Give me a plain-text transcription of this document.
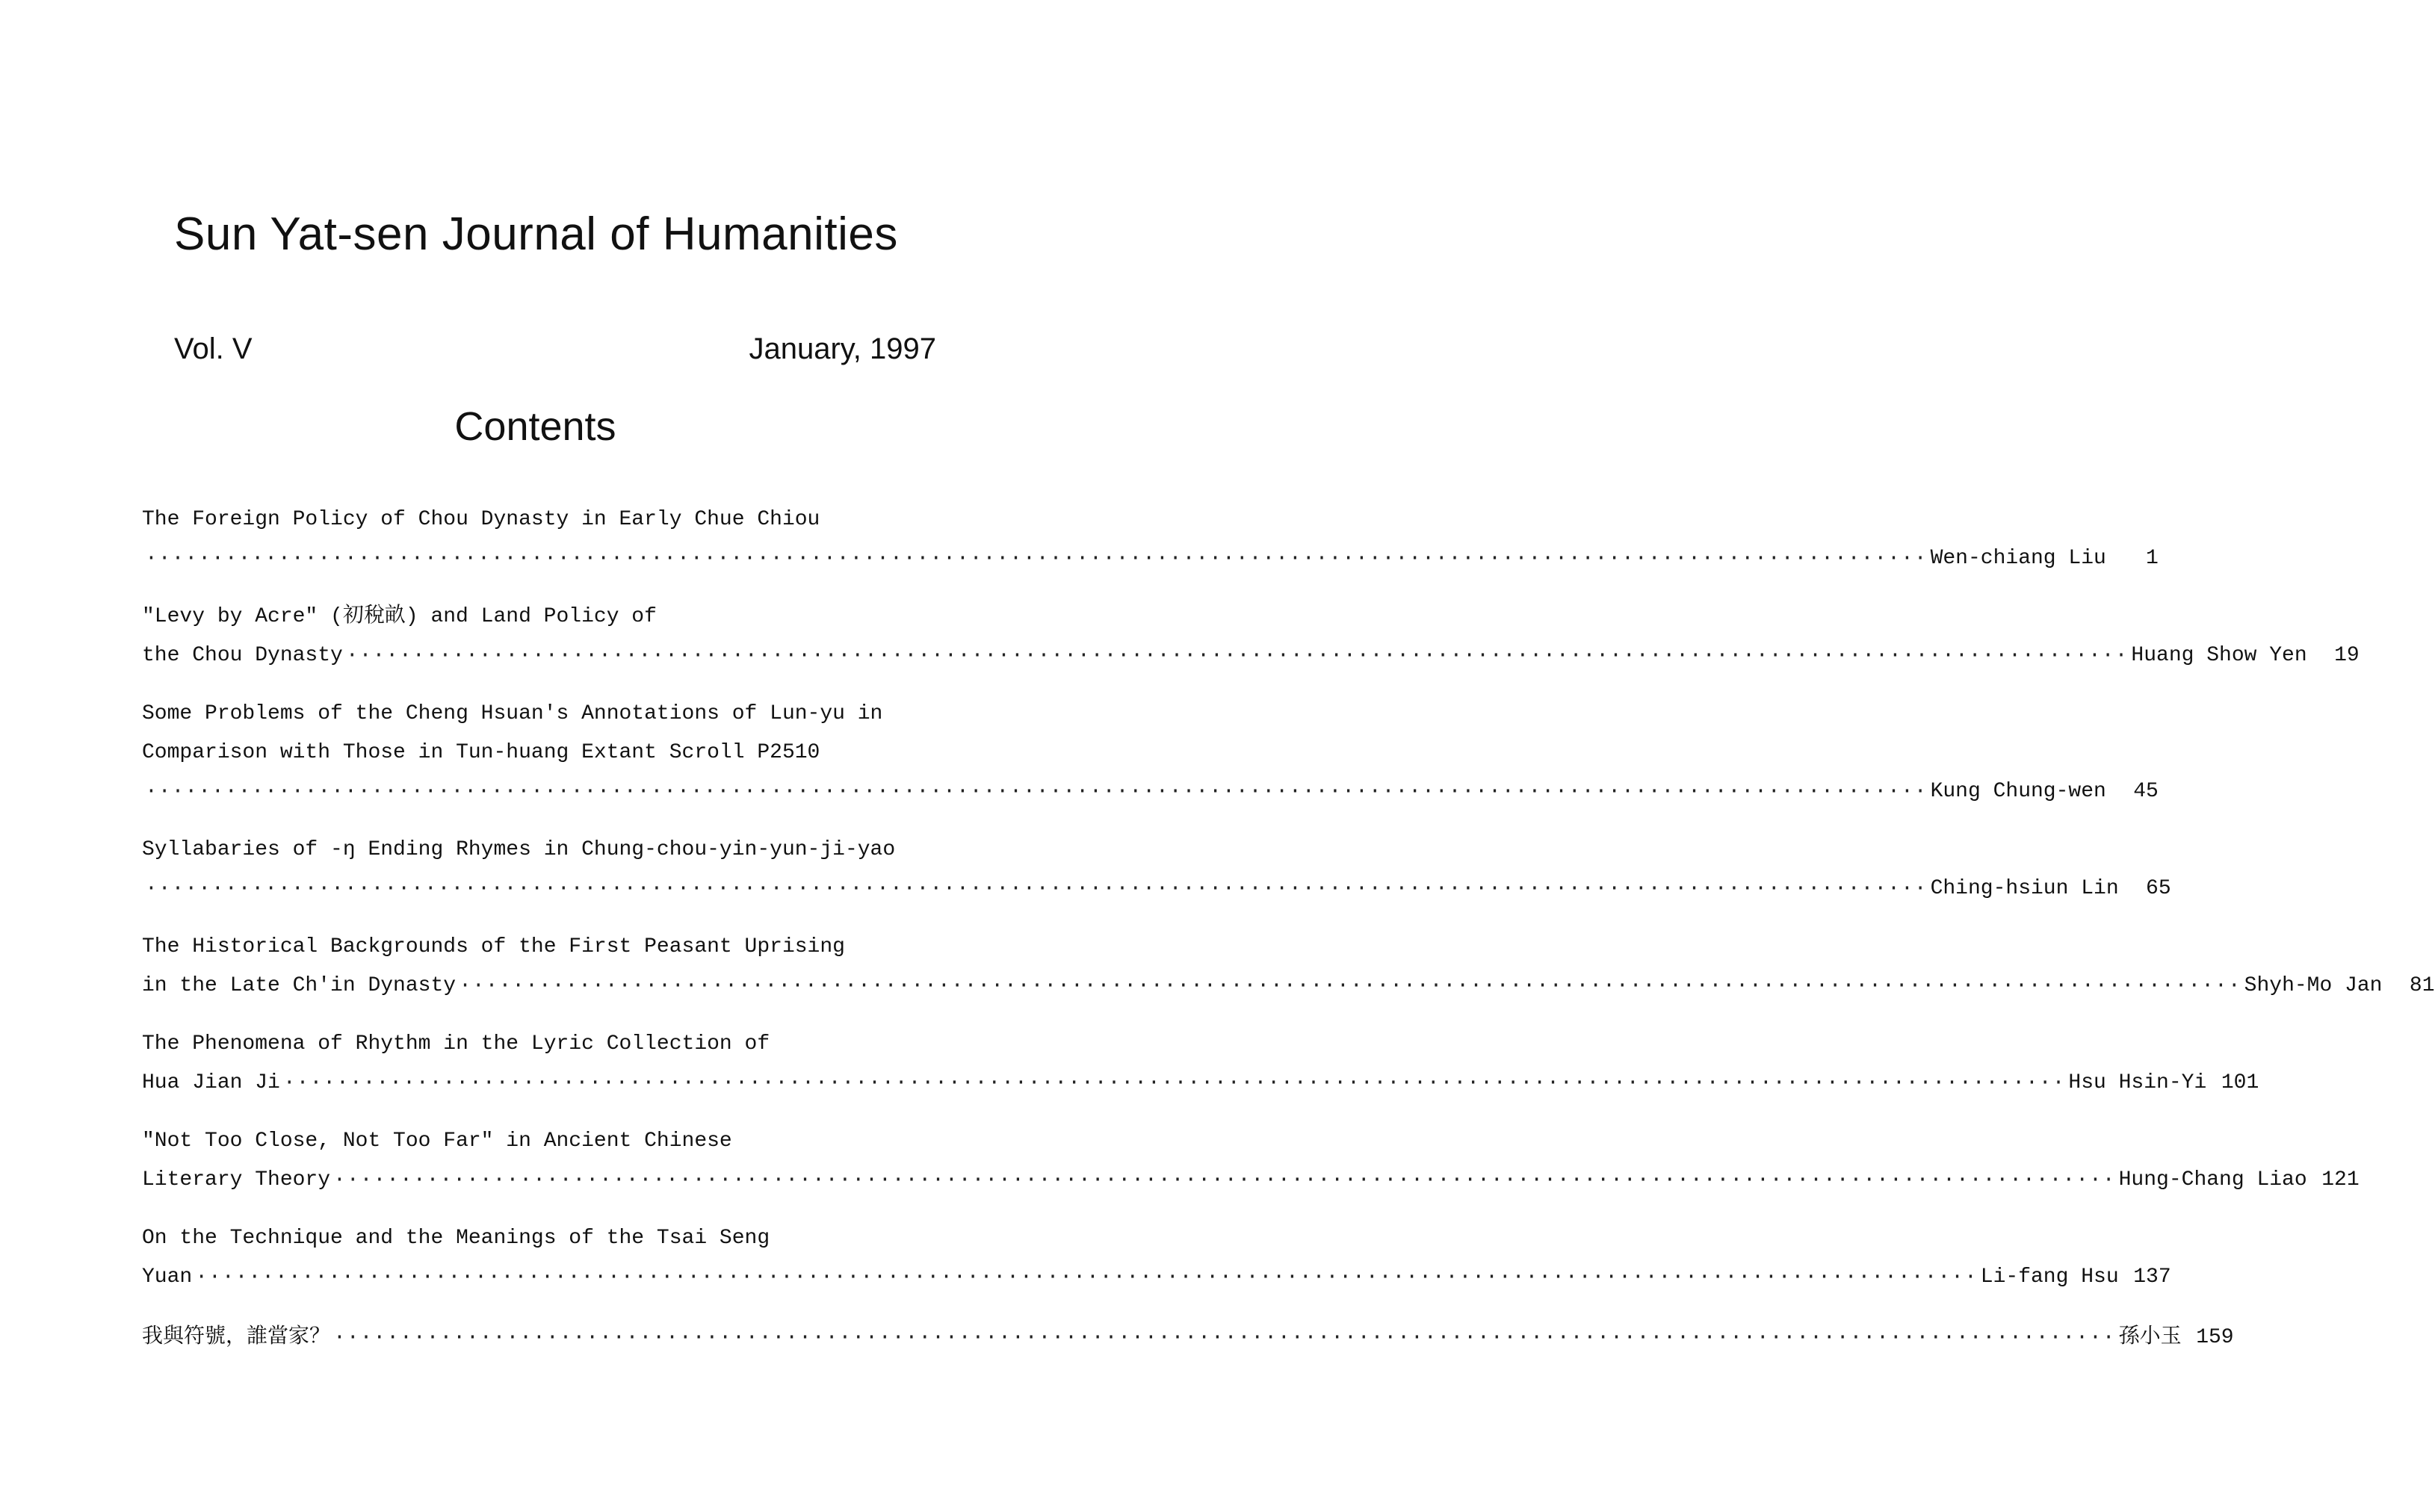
Sun Yat-sen Journal of Humanities
Vol. V	January, 1997
Contents
The Foreign Policy of Chou Dynasty in Early Chue Chiou
······································································································································ Wen-chiang Liu	1
"Levy by Acre" (初稅畝) and Land Policy of
the Chou Dynasty ······································································································································ Huang Show Yen	19
Some Problems of the Cheng Hsuan's Annotations of Lun-yu in
Comparison with Those in Tun-huang Extant Scroll P2510
······································································································································ Kung Chung-wen	45
Syllabaries of -ŋ Ending Rhymes in Chung-chou-yin-yun-ji-yao
······································································································································ Ching-hsiun Lin	65
The Historical Backgrounds of the First Peasant Uprising
in the Late Ch'in Dynasty ······································································································································ Shyh-Mo Jan	81
The Phenomena of Rhythm in the Lyric Collection of
Hua Jian Ji ······································································································································ Hsu Hsin-Yi 101
"Not Too Close, Not Too Far" in Ancient Chinese
Literary Theory ······································································································································ Hung-Chang Liao 121
On the Technique and the Meanings of the Tsai Seng
Yuan ······································································································································ Li-fang Hsu 137
我與符號，誰當家？ ······································································································································ 孫小玉 159
